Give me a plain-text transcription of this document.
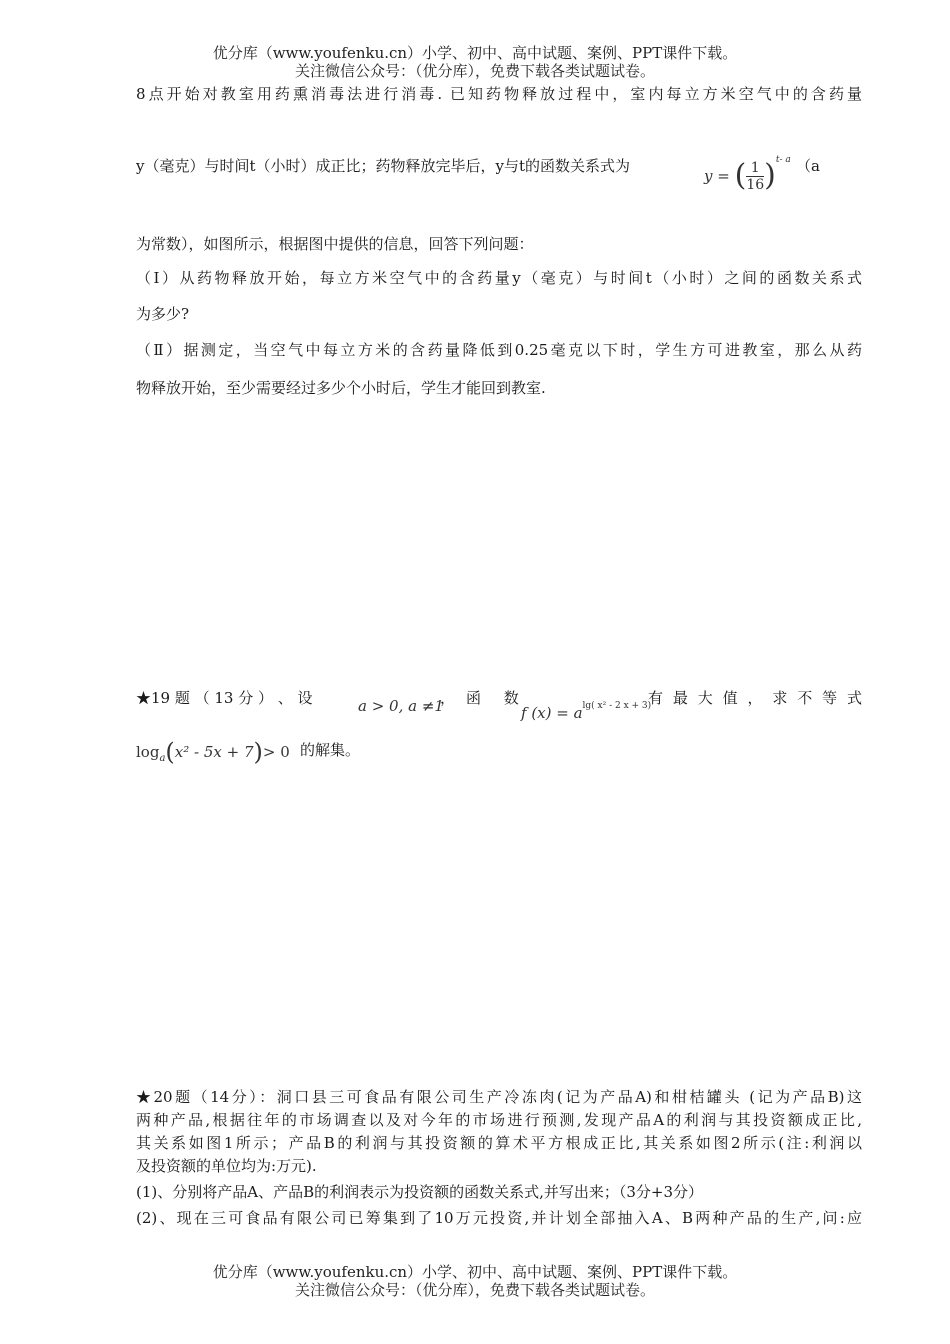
优分库（www.youfenku.cn）小学、初中、高中试题、案例、PPT课件下载。
关注微信公众号：（优分库），免费下载各类试题试卷。
8点开始对教室用药熏消毒法进行消毒. 已知药物释放过程中，室内每立方米空气中的含药量
y（毫克）与时间t（小时）成正比；药物释放完毕后，y与t的函数关系式为
y = ( $\frac{1}{16} )^{t- a}$ （a
为常数），如图所示，根据图中提供的信息，回答下列问题：
（Ⅰ）从药物释放开始，每立方米空气中的含药量y（毫克）与时间t（小时）之间的函数关系式
为多少?
（Ⅱ）据测定，当空气中每立方米的含药量降低到0.25毫克以下时，学生方可进教室，那么从药
物释放开始，至少需要经过多少个小时后，学生才能回到教室.
★19 题 （ 13 分 ） 、 设	a > 0, a ≠1
， 函 数
f $(x) = a^{lg( x^2 - 2 x + 3)}$
有 最 大 值 ， 求 不 等 式
$\log_a(x^2 - 5x + 7)> 0$ 的解集。
★20题（14分）：洞口县三可食品有限公司生产冷冻肉(记为产品A)和柑桔罐头 (记为产品B)这
两种产品,根据往年的市场调查以及对今年的市场进行预测,发现产品A的利润与其投资额成正比,
其关系如图1所示；产品B的利润与其投资额的算术平方根成正比,其关系如图2所示(注:利润以
及投资额的单位均为:万元).
(1)、分别将产品A、产品B的利润表示为投资额的函数关系式,并写出来；（3分+3分）
(2)、现在三可食品有限公司已筹集到了10万元投资,并计划全部抽入A、B两种产品的生产,问:应
优分库（www.youfenku.cn）小学、初中、高中试题、案例、PPT课件下载。
关注微信公众号：（优分库），免费下载各类试题试卷。
